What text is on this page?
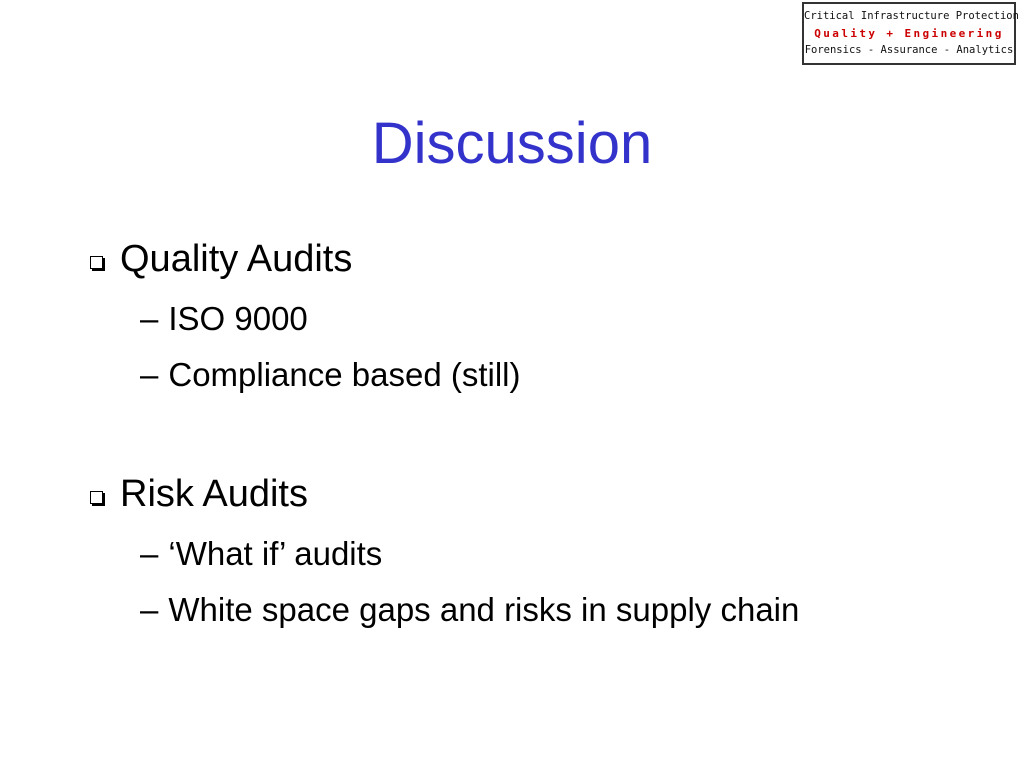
Critical Infrastructure Protection
Quality + Engineering
Forensics - Assurance - Analytics
Discussion
Quality Audits
– ISO 9000
– Compliance based (still)
Risk Audits
– ‘What if’ audits
– White space gaps and risks in supply chain
